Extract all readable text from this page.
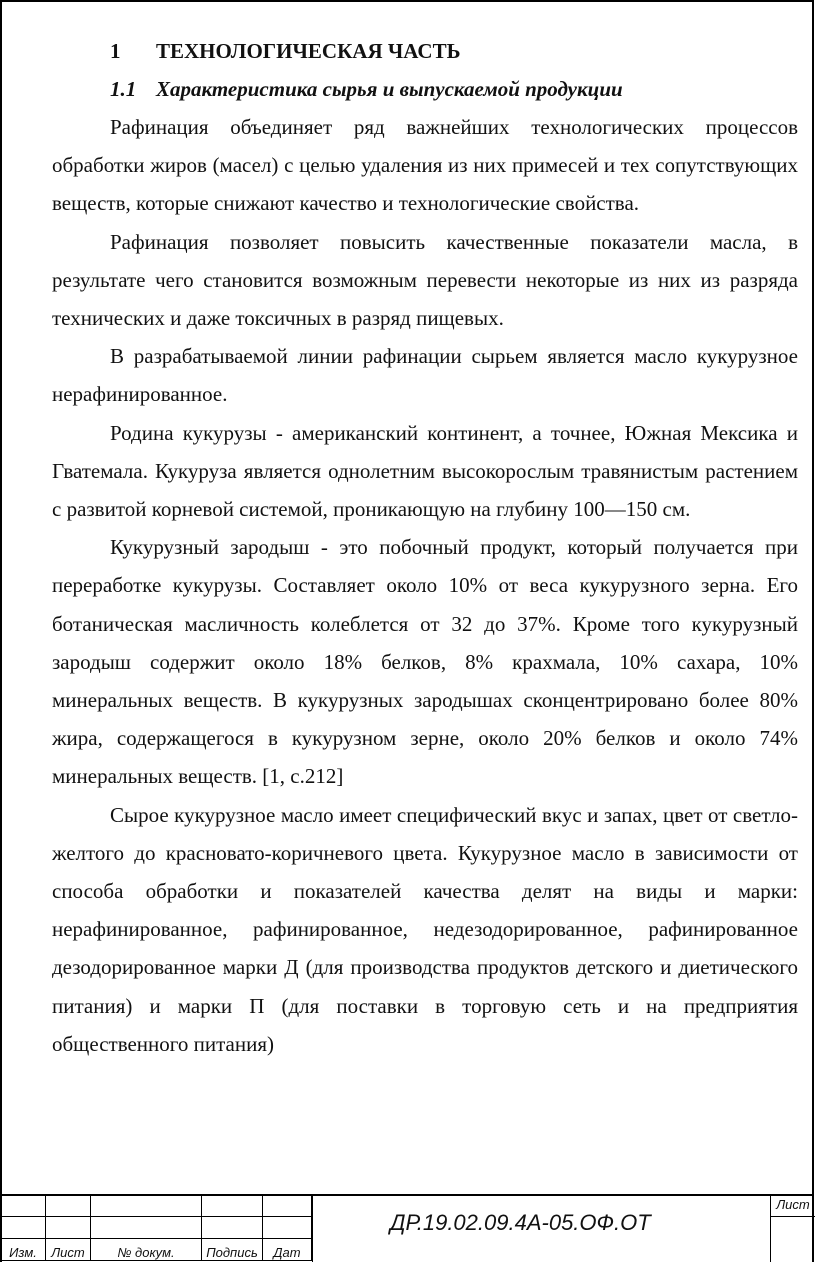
1 ТЕХНОЛОГИЧЕСКАЯ ЧАСТЬ

1.1 Характеристика сырья и выпускаемой продукции

Рафинация объединяет ряд важнейших технологических процессов обработки жиров (масел) с целью удаления из них примесей и тех сопутствующих веществ, которые снижают качество и технологические свойства.

Рафинация позволяет повысить качественные показатели масла, в результате чего становится возможным перевести некоторые из них из разряда технических и даже токсичных в разряд пищевых.

В разрабатываемой линии рафинации сырьем является масло кукурузное нерафинированное.

Родина кукурузы - американский континент, а точнее, Южная Мексика и Гватемала. Кукуруза является однолетним высокорослым травянистым растением с развитой корневой системой, проникающую на глубину 100—150 см.

Кукурузный зародыш - это побочный продукт, который получается при переработке кукурузы. Составляет около 10% от веса кукурузного зерна. Его ботаническая масличность колеблется от 32 до 37%. Кроме того кукурузный зародыш содержит около 18% белков, 8% крахмала, 10% сахара, 10% минеральных веществ. В кукурузных зародышах сконцентрировано более 80% жира, содержащегося в кукурузном зерне, около 20% белков и около 74% минеральных веществ. [1, с.212]

Сырое кукурузное масло имеет специфический вкус и запах, цвет от светло-желтого до красновато-коричневого цвета. Кукурузное масло в зависимости от способа обработки и показателей качества делят на виды и марки: нерафинированное, рафинированное, недезодорированное, рафинированное дезодорированное марки Д (для производства продуктов детского и диетического питания) и марки П (для поставки в торговую сеть и на предприятия общественного питания)

Изм.	Лист	№ докум.	Подпись	Дат
ДР.19.02.09.4А-05.ОФ.ОТ
Лист
